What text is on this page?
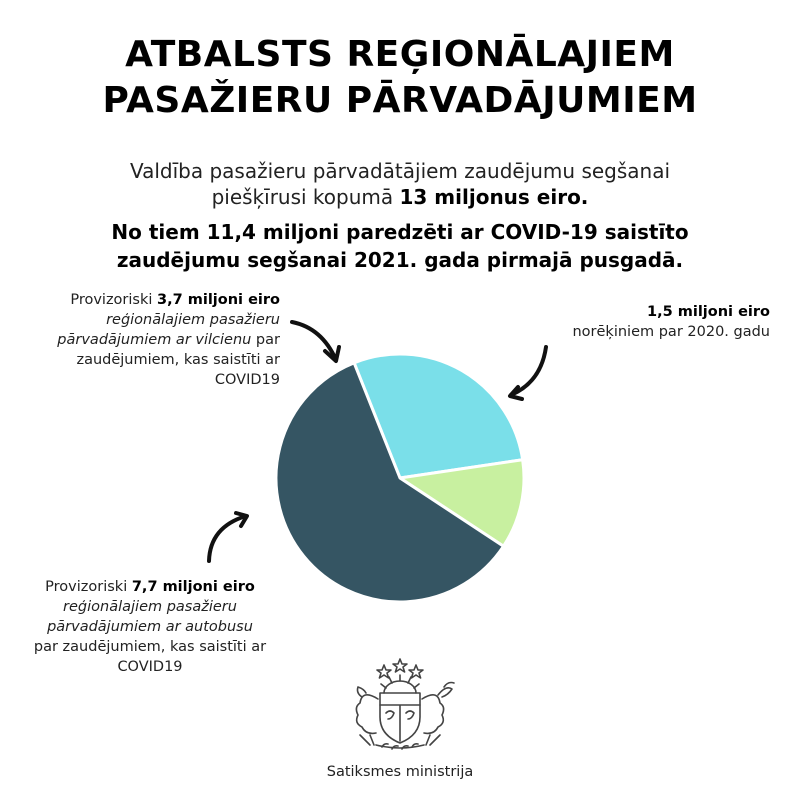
ATBALSTS REĢIONĀLAJIEM
PASAŽIERU PĀRVADĀJUMIEM
Valdība pasažieru pārvadātājiem zaudējumu segšanai
piešķīrusi kopumā 13 miljonus eiro.
No tiem 11,4 miljoni paredzēti ar COVID-19 saistīto
zaudējumu segšanai 2021. gada pirmajā pusgadā.
Provizoriski 3,7 miljoni eiro
reģionālajiem pasažieru
pārvadājumiem ar vilcienu par
zaudējumiem, kas saistīti ar
COVID19
1,5 miljoni eiro
norēķiniem par 2020. gadu
Provizoriski 7,7 miljoni eiro
reģionālajiem pasažieru
pārvadājumiem ar autobusu
par zaudējumiem, kas saistīti ar
COVID19
Satiksmes ministrija
